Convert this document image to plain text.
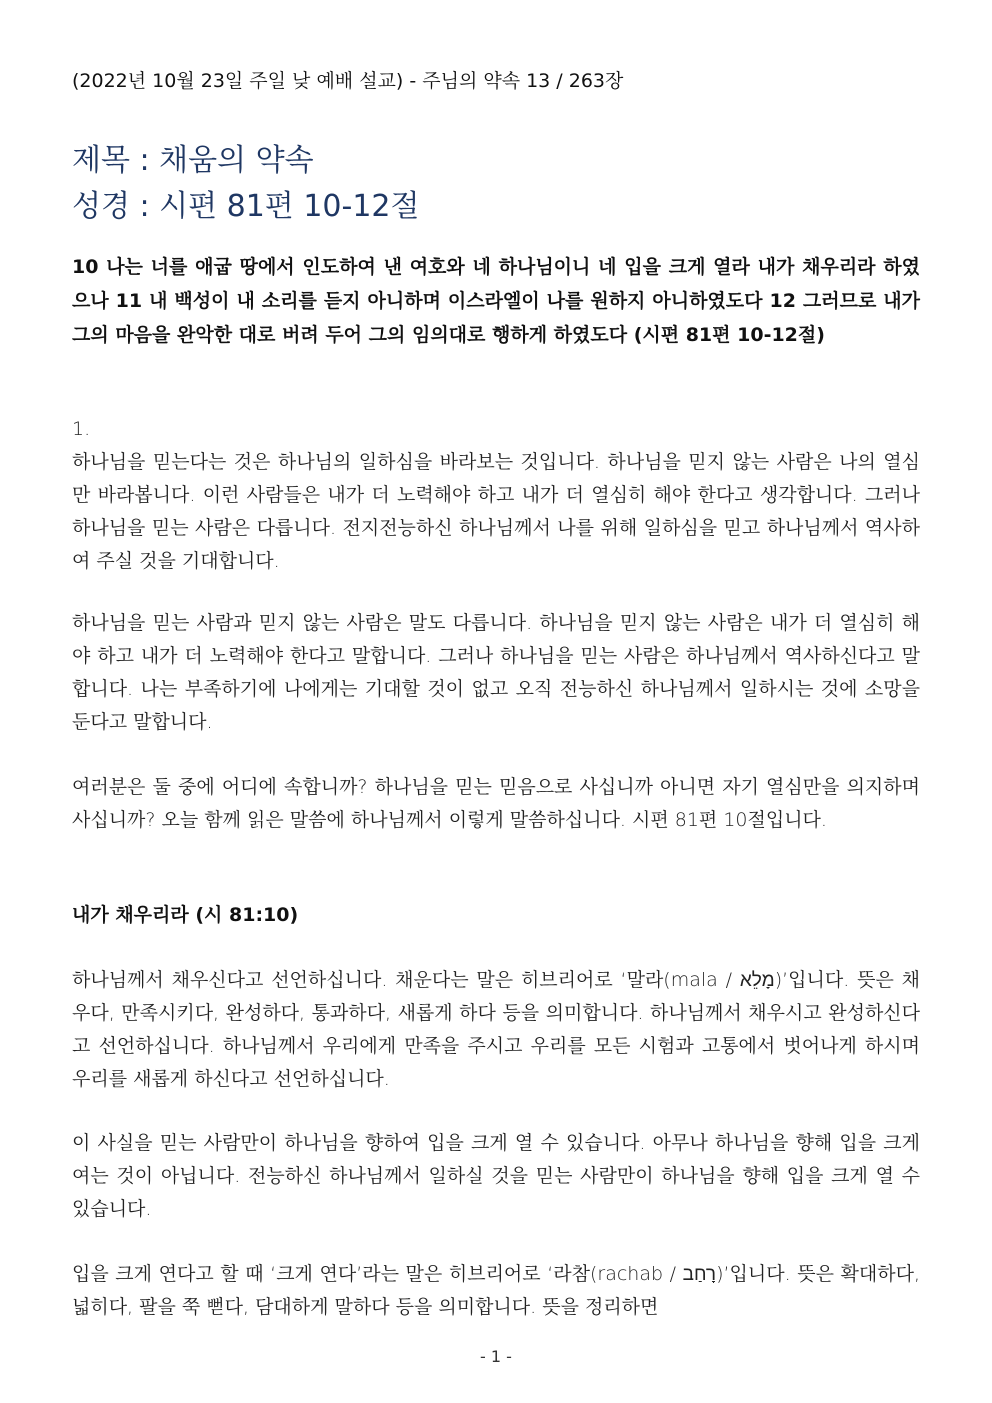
(2022년 10월 23일 주일 낮 예배 설교) - 주님의 약속 13 / 263장
제목 : 채움의 약속
성경 : 시편 81편 10-12절
10 나는 너를 애굽 땅에서 인도하여 낸 여호와 네 하나님이니 네 입을 크게 열라 내가 채우리라 하였으나 11 내 백성이 내 소리를 듣지 아니하며 이스라엘이 나를 원하지 아니하였도다 12 그러므로 내가 그의 마음을 완악한 대로 버려 두어 그의 임의대로 행하게 하였도다 (시편 81편 10-12절)
1.
하나님을 믿는다는 것은 하나님의 일하심을 바라보는 것입니다. 하나님을 믿지 않는 사람은 나의 열심만 바라봅니다. 이런 사람들은 내가 더 노력해야 하고 내가 더 열심히 해야 한다고 생각합니다. 그러나 하나님을 믿는 사람은 다릅니다. 전지전능하신 하나님께서 나를 위해 일하심을 믿고 하나님께서 역사하여 주실 것을 기대합니다.
하나님을 믿는 사람과 믿지 않는 사람은 말도 다릅니다. 하나님을 믿지 않는 사람은 내가 더 열심히 해야 하고 내가 더 노력해야 한다고 말합니다. 그러나 하나님을 믿는 사람은 하나님께서 역사하신다고 말합니다. 나는 부족하기에 나에게는 기대할 것이 없고 오직 전능하신 하나님께서 일하시는 것에 소망을 둔다고 말합니다.
여러분은 둘 중에 어디에 속합니까? 하나님을 믿는 믿음으로 사십니까 아니면 자기 열심만을 의지하며 사십니까? 오늘 함께 읽은 말씀에 하나님께서 이렇게 말씀하십니다. 시편 81편 10절입니다.
내가 채우리라 (시 81:10)
하나님께서 채우신다고 선언하십니다. 채운다는 말은 히브리어로 ‘말라(mala / מָלֵא)’입니다. 뜻은 채우다, 만족시키다, 완성하다, 통과하다, 새롭게 하다 등을 의미합니다. 하나님께서 채우시고 완성하신다고 선언하십니다. 하나님께서 우리에게 만족을 주시고 우리를 모든 시험과 고통에서 벗어나게 하시며 우리를 새롭게 하신다고 선언하십니다.
이 사실을 믿는 사람만이 하나님을 향하여 입을 크게 열 수 있습니다. 아무나 하나님을 향해 입을 크게 여는 것이 아닙니다. 전능하신 하나님께서 일하실 것을 믿는 사람만이 하나님을 향해 입을 크게 열 수 있습니다.
입을 크게 연다고 할 때 ‘크게 연다’라는 말은 히브리어로 ‘라참(rachab / רָחַב)’입니다. 뜻은 확대하다, 넓히다, 팔을 쭉 뻗다, 담대하게 말하다 등을 의미합니다. 뜻을 정리하면
- 1 -
